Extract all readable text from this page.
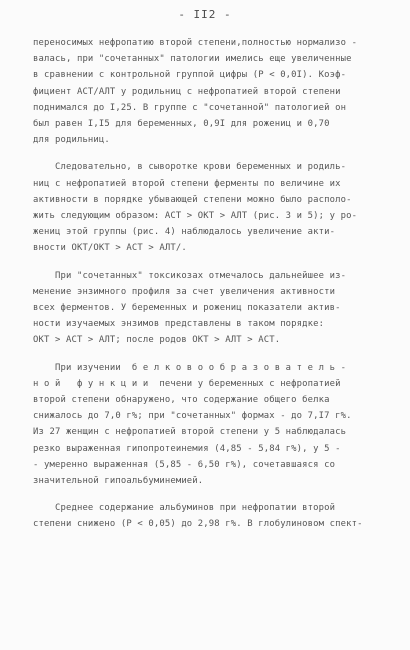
- II2 -
переносимых нефропатию второй степени,полностью нормализо -
валась, при "сочетанных" патологии имелись еще увеличенные
в сравнении с контрольной группой цифры (Р < 0,0I). Коэф-
фициент АСТ/АЛТ у родильниц с нефропатией второй степени
поднимался до I,25. В группе с "сочетанной" патологией он
был равен I,I5 для беременных, 0,9I для рожениц и 0,70
для родильниц.
Следовательно, в сыворотке крови беременных и родиль-
ниц с нефропатией второй степени ферменты по величине их
активности в порядке убывающей степени можно было располо-
жить следующим образом: АСТ > ОКТ > АЛТ (рис. 3 и 5); у ро-
жениц этой группы (рис. 4) наблюдалось увеличение акти-
вности ОКТ/ОКТ > АСТ > АЛТ/.
При "сочетанных" токсикозах отмечалось дальнейшее из-
менение энзимного профиля за счет увеличения активности
всех ферментов. У беременных и рожениц показатели актив-
ности изучаемых энзимов представлены в таком порядке:
ОКТ > АСТ > АЛТ; после родов ОКТ > АЛТ > АСТ.
При изучении  б е л к о в о о б р а з о в а т е л ь -
н о й   ф у н к ц и и  печени у беременных с нефропатией
второй степени обнаружено, что содержание общего белка
снижалось до 7,0 г%; при "сочетанных" формах - до 7,I7 г%.
Из 27 женщин с нефропатией второй степени у 5 наблюдалась
резко выраженная гипопротеинемия (4,85 - 5,84 г%), у 5 -
- умеренно выраженная (5,85 - 6,50 г%), сочетавшаяся со
значительной гипоальбуминемией.
Среднее содержание альбуминов при нефропатии второй
степени снижено (Р < 0,05) до 2,98 г%. В глобулиновом спект-
